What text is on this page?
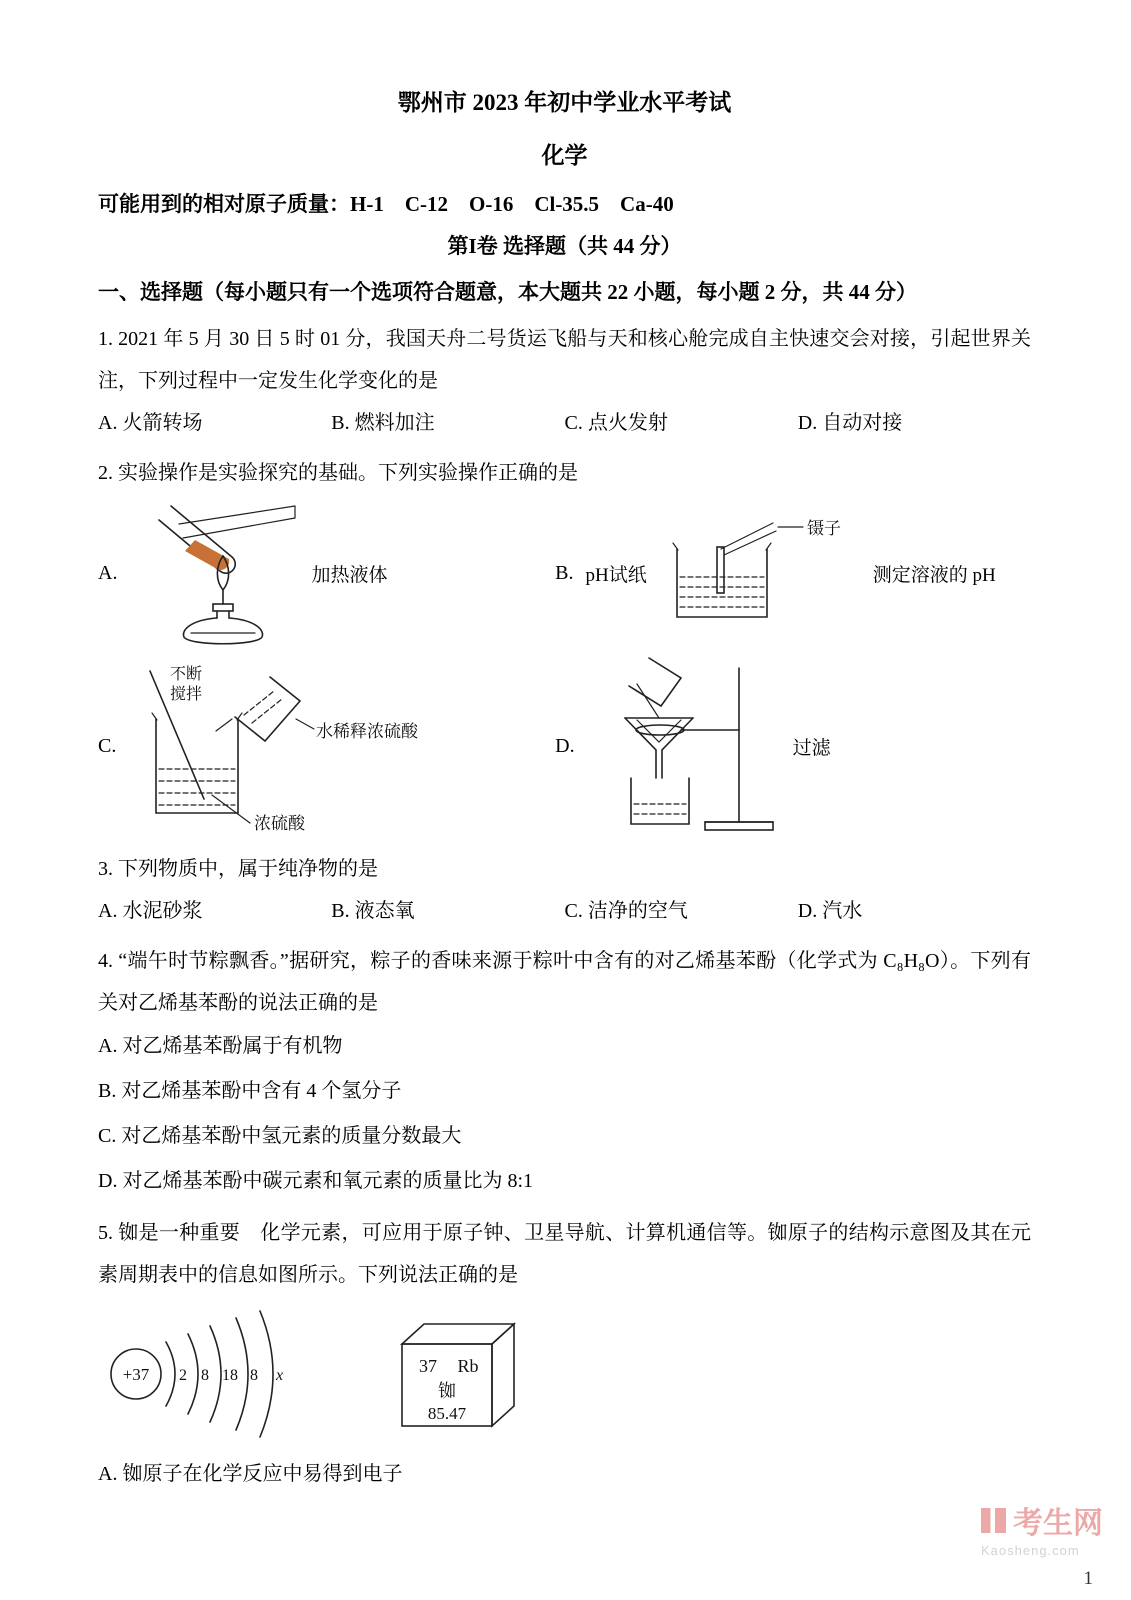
鄂州市 2023 年初中学业水平考试
化学
可能用到的相对原子质量：H-1    C-12    O-16    Cl-35.5    Ca-40
第I卷 选择题（共 44 分）
一、选择题（每小题只有一个选项符合题意，本大题共 22 小题，每小题 2 分，共 44 分）
1. 2021 年 5 月 30 日 5 时 01 分，我国天舟二号货运飞船与天和核心舱完成自主快速交会对接，引起世界关注，下列过程中一定发生化学变化的是
A. 火箭转场	B. 燃料加注	C. 点火发射	D. 自动对接
2. 实验操作是实验探究的基础。下列实验操作正确的是
A.	加热液体	B. pH试纸
镊子
测定溶液的 pH
C.
不断
搅拌
水稀释浓硫酸
浓硫酸
D.	过滤
3. 下列物质中，属于纯净物的是
A. 水泥砂浆	B. 液态氧	C. 洁净的空气	D. 汽水
4. “端午时节粽飘香。”据研究，粽子的香味来源于粽叶中含有的对乙烯基苯酚（化学式为 C₈H₈O）。下列有关对乙烯基苯酚的说法正确的是
A. 对乙烯基苯酚属于有机物
B. 对乙烯基苯酚中含有 4 个氢分子
C. 对乙烯基苯酚中氢元素的质量分数最大
D. 对乙烯基苯酚中碳元素和氧元素的质量比为 8:1
5. 铷是一种重要　化学元素，可应用于原子钟、卫星导航、计算机通信等。铷原子的结构示意图及其在元素周期表中的信息如图所示。下列说法正确的是
+37 2 8 18 8 x	37 Rb
铷
85.47
A. 铷原子在化学反应中易得到电子
考生网
Kaosheng.com
1
